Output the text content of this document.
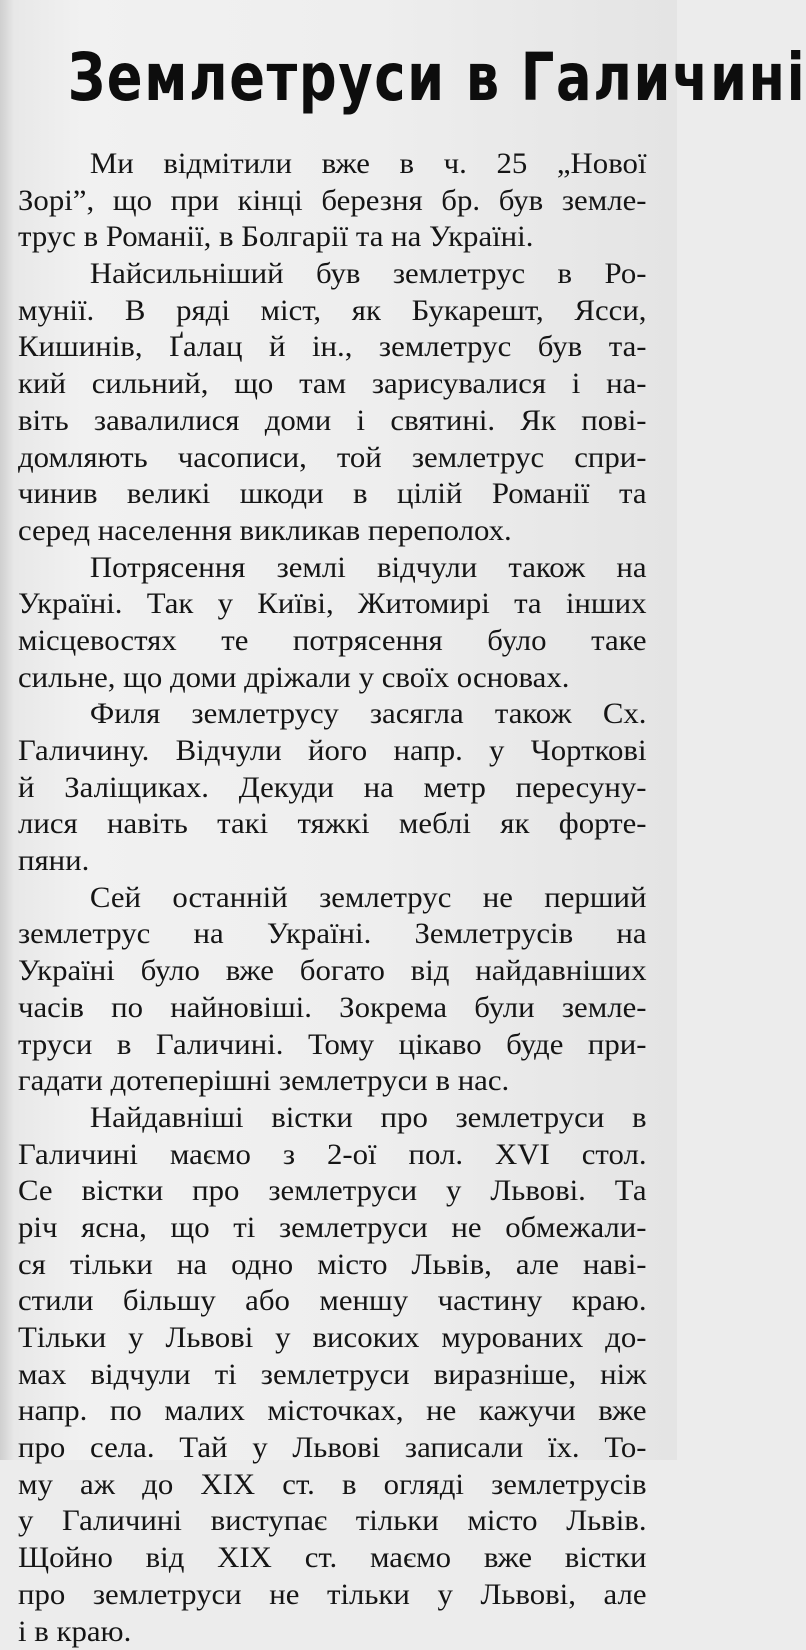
Землетруси в Галичині
Ми відмітили вже в ч. 25 „Нової
Зорі”, що при кінці березня бр. був земле-
трус в Романії, в Болгарії та на Україні.
Найсильніший був землетрус в Ро-
мунії. В ряді міст, як Букарешт, Ясси,
Кишинів, Ґалац й ін., землетрус був та-
кий сильний, що там зарисувалися і на-
віть завалилися доми і святині. Як пові-
домляють часописи, той землетрус спри-
чинив великі шкоди в цілій Романії та
серед населення викликав переполох.
Потрясення землі відчули також на
Україні. Так у Київі, Житомирі та інших
місцевостях те потрясення було таке
сильне, що доми дріжали у своїх основах.
Филя землетрусу засягла також Сх.
Галичину. Відчули його напр. у Чорткові
й Заліщиках. Декуди на метр пересуну-
лися навіть такі тяжкі меблі як форте-
пяни.
Сей останній землетрус не перший
землетрус на Україні. Землетрусів на
Україні було вже богато від найдавніших
часів по найновіші. Зокрема були земле-
труси в Галичині. Тому цікаво буде при-
гадати дотеперішні землетруси в нас.
Найдавніші вістки про землетруси в
Галичині маємо з 2-ої пол. XVI стол.
Се вістки про землетруси у Львові. Та
річ ясна, що ті землетруси не обмежали-
ся тільки на одно місто Львів, але наві-
стили більшу або меншу частину краю.
Тільки у Львові у високих мурованих до-
мах відчули ті землетруси виразніше, ніж
напр. по малих місточках, не кажучи вже
про села. Тай у Львові записали їх. То-
му аж до XIX ст. в огляді землетрусів
у Галичині виступає тільки місто Львів.
Щойно від XIX ст. маємо вже вістки
про землетруси не тільки у Львові, але
і в краю.
